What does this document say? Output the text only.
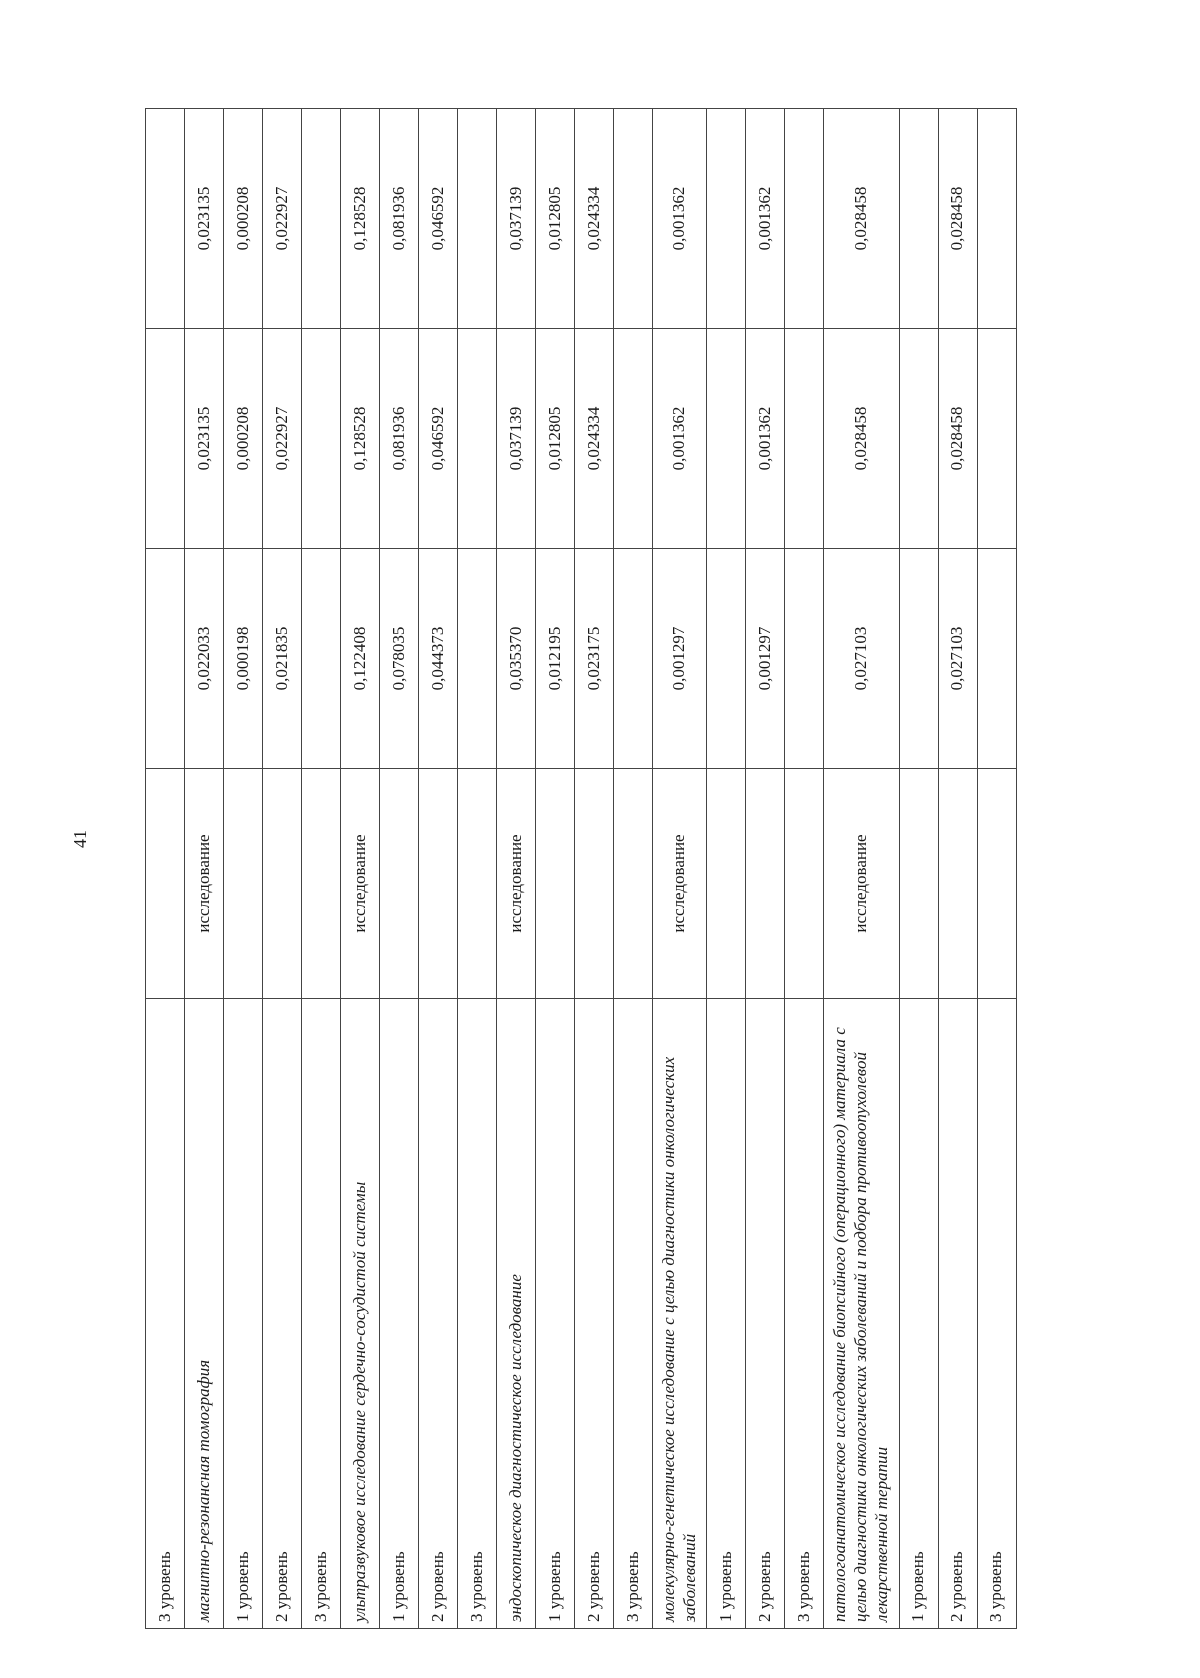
41
3 уровень				
магнитно-резонансная томография	исследование	0,022033	0,023135	0,023135
1 уровень		0,000198	0,000208	0,000208
2 уровень		0,021835	0,022927	0,022927
3 уровень				
ультразвуковое исследование сердечно-сосудистой системы	исследование	0,122408	0,128528	0,128528
1 уровень		0,078035	0,081936	0,081936
2 уровень		0,044373	0,046592	0,046592
3 уровень				
эндоскопическое диагностическое исследование	исследование	0,035370	0,037139	0,037139
1 уровень		0,012195	0,012805	0,012805
2 уровень		0,023175	0,024334	0,024334
3 уровень				
молекулярно-генетическое исследование с целью диагностики онкологических заболеваний	исследование	0,001297	0,001362	0,001362
1 уровень				
2 уровень		0,001297	0,001362	0,001362
3 уровень				
патологоанатомическое исследование биопсийного (операционного) материала с целью диагностики онкологических заболеваний и подбора противоопухолевой лекарственной терапии	исследование	0,027103	0,028458	0,028458
1 уровень				
2 уровень		0,027103	0,028458	0,028458
3 уровень				
